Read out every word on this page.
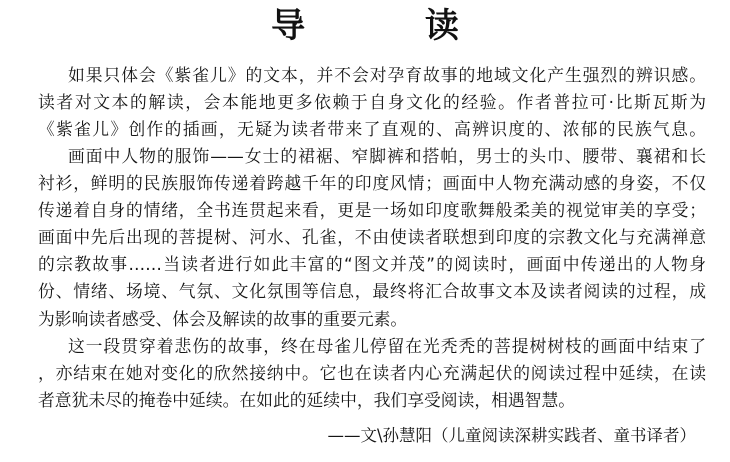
导 读
如果只体会《紫雀儿》的文本，并不会对孕育故事的地域文化产生强烈的辨识感。
读者对文本的解读，会本能地更多依赖于自身文化的经验。作者普拉可·比斯瓦斯为
《紫雀儿》创作的插画，无疑为读者带来了直观的、高辨识度的、浓郁的民族气息。
画面中人物的服饰——女士的裙裾、窄脚裤和搭帕，男士的头巾、腰带、襄裙和长
衬衫，鲜明的民族服饰传递着跨越千年的印度风情；画面中人物充满动感的身姿，不仅
传递着自身的情绪，全书连贯起来看，更是一场如印度歌舞般柔美的视觉审美的享受；
画面中先后出现的菩提树、河水、孔雀，不由使读者联想到印度的宗教文化与充满禅意
的宗教故事……当读者进行如此丰富的“图文并茂”的阅读时，画面中传递出的人物身
份、情绪、场境、气氛、文化氛围等信息，最终将汇合故事文本及读者阅读的过程，成
为影响读者感受、体会及解读的故事的重要元素。
这一段贯穿着悲伤的故事，终在母雀儿停留在光秃秃的菩提树树枝的画面中结束了
，亦结束在她对变化的欣然接纳中。它也在读者内心充满起伏的阅读过程中延续，在读
者意犹未尽的掩卷中延续。在如此的延续中，我们享受阅读，相遇智慧。
——文\孙慧阳（儿童阅读深耕实践者、童书译者）
